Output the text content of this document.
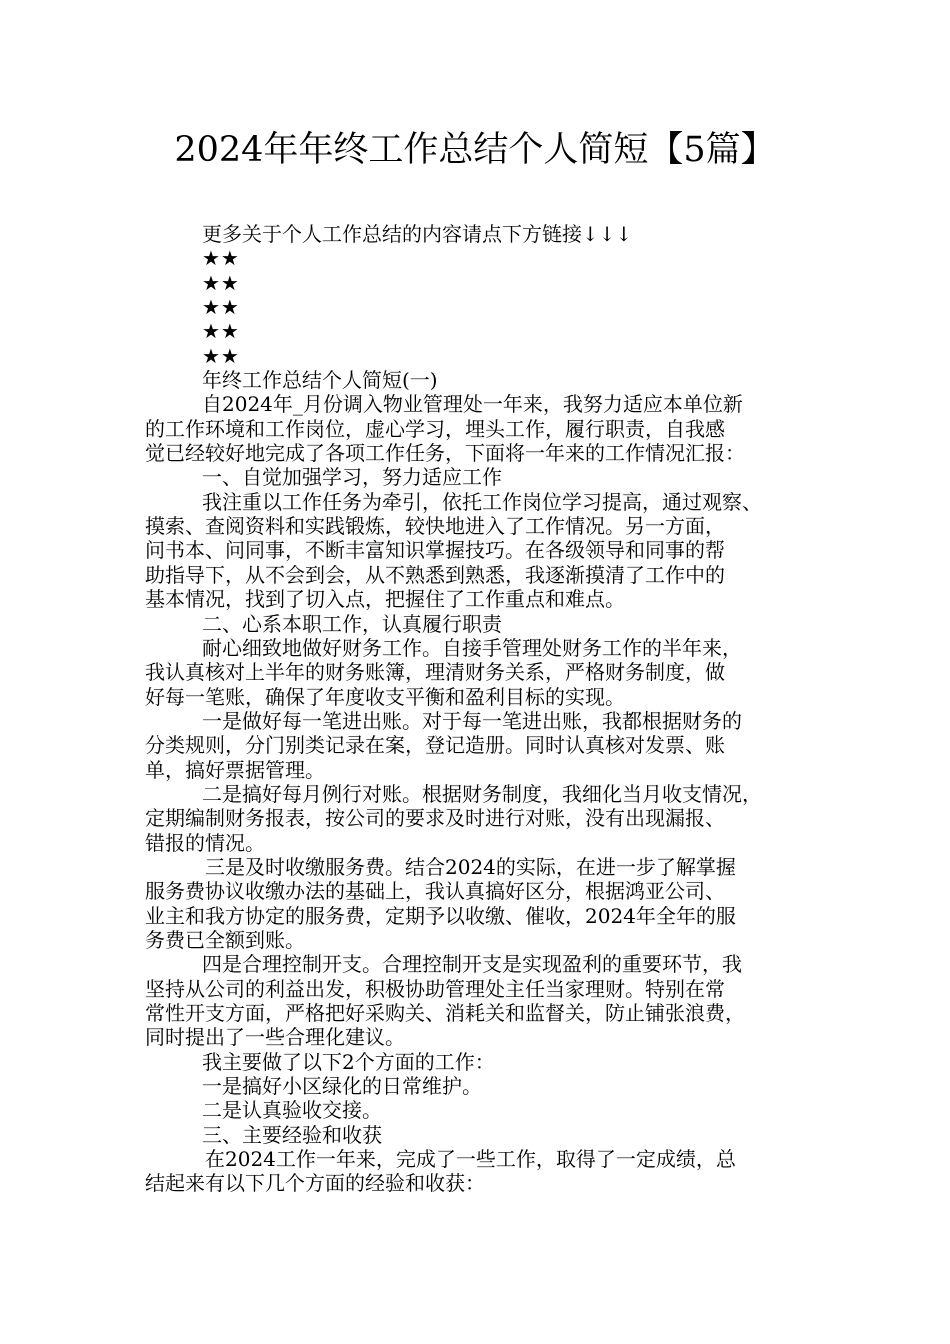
2024年年终工作总结个人简短【5篇】
更多关于个人工作总结的内容请点下方链接↓↓↓
★★
★★
★★
★★
★★
年终工作总结个人简短(一)
自2024年_月份调入物业管理处一年来，我努力适应本单位新
的工作环境和工作岗位，虚心学习，埋头工作，履行职责，自我感
觉已经较好地完成了各项工作任务，下面将一年来的工作情况汇报：
一、自觉加强学习，努力适应工作
我注重以工作任务为牵引，依托工作岗位学习提高，通过观察、
摸索、查阅资料和实践锻炼，较快地进入了工作情况。另一方面，
问书本、问同事，不断丰富知识掌握技巧。在各级领导和同事的帮
助指导下，从不会到会，从不熟悉到熟悉，我逐渐摸清了工作中的
基本情况，找到了切入点，把握住了工作重点和难点。
二、心系本职工作，认真履行职责
耐心细致地做好财务工作。自接手管理处财务工作的半年来，
我认真核对上半年的财务账簿，理清财务关系，严格财务制度，做
好每一笔账，确保了年度收支平衡和盈利目标的实现。
一是做好每一笔进出账。对于每一笔进出账，我都根据财务的
分类规则，分门别类记录在案，登记造册。同时认真核对发票、账
单，搞好票据管理。
二是搞好每月例行对账。根据财务制度，我细化当月收支情况，
定期编制财务报表，按公司的要求及时进行对账，没有出现漏报、
错报的情况。
三是及时收缴服务费。结合2024的实际，在进一步了解掌握
服务费协议收缴办法的基础上，我认真搞好区分，根据鸿亚公司、
业主和我方协定的服务费，定期予以收缴、催收，2024年全年的服
务费已全额到账。
四是合理控制开支。合理控制开支是实现盈利的重要环节，我
坚持从公司的利益出发，积极协助管理处主任当家理财。特别在常
常性开支方面，严格把好采购关、消耗关和监督关，防止铺张浪费，
同时提出了一些合理化建议。
我主要做了以下2个方面的工作：
一是搞好小区绿化的日常维护。
二是认真验收交接。
三、主要经验和收获
在2024工作一年来，完成了一些工作，取得了一定成绩，总
结起来有以下几个方面的经验和收获：
